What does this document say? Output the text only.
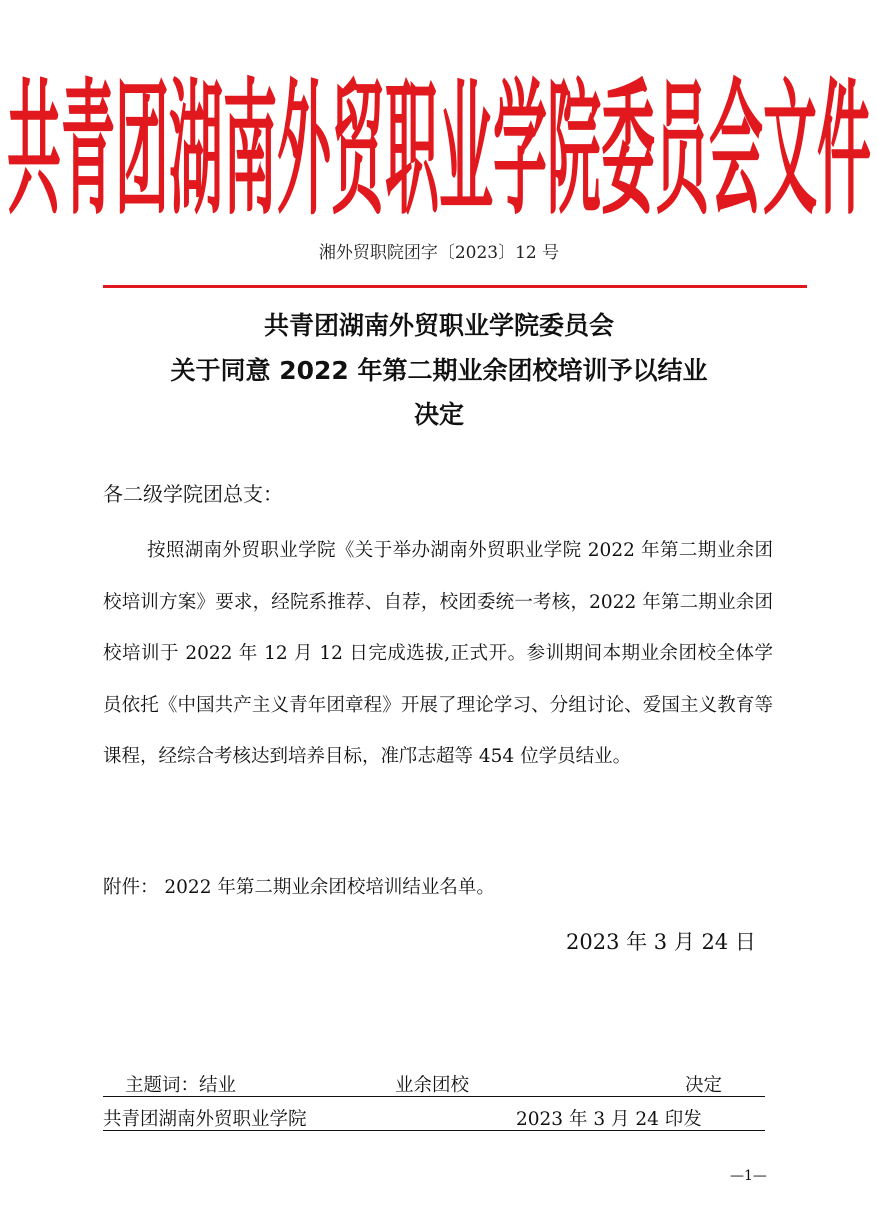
共青团湖南外贸职业学院委员会文件
湘外贸职院团字〔2023〕12 号
共青团湖南外贸职业学院委员会
关于同意 2022 年第二期业余团校培训予以结业
决定
各二级学院团总支：

按照湖南外贸职业学院《关于举办湖南外贸职业学院 2022 年第二期业余团校培训方案》要求，经院系推荐、自荐，校团委统一考核，2022 年第二期业余团校培训于 2022 年 12 月 12 日完成选拔,正式开。参训期间本期业余团校全体学员依托《中国共产主义青年团章程》开展了理论学习、分组讨论、爱国主义教育等课程，经综合考核达到培养目标，准邝志超等 454 位学员结业。

附件： 2022 年第二期业余团校培训结业名单。
2023 年 3 月 24 日
主题词：结业	业余团校	决定
共青团湖南外贸职业学院	2023 年 3 月 24 印发
—1—
